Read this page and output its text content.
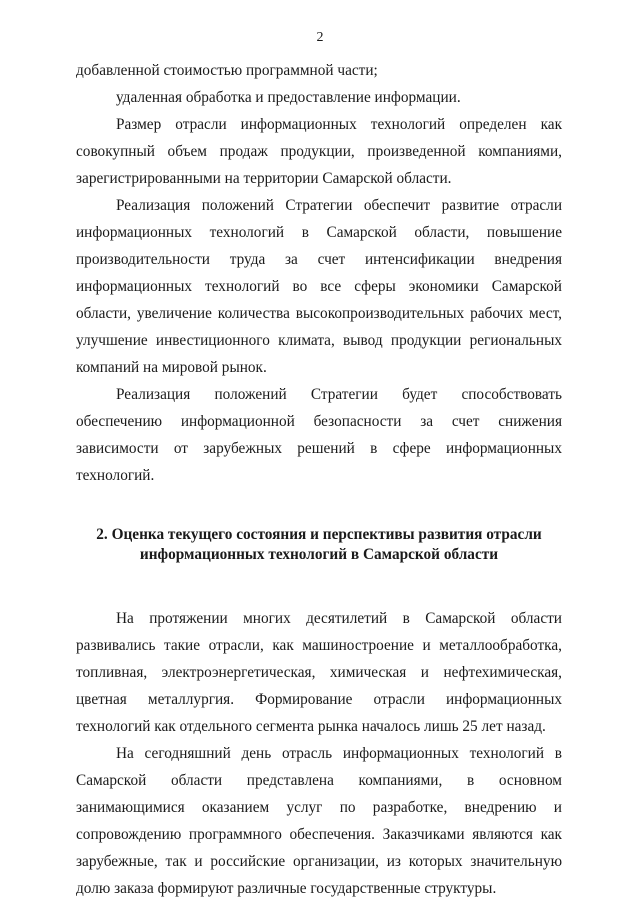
2

добавленной стоимостью программной части;

удаленная обработка и предоставление информации.

Размер отрасли информационных технологий определен как совокупный объем продаж продукции, произведенной компаниями, зарегистрированными на территории Самарской области.

Реализация положений Стратегии обеспечит развитие отрасли информационных технологий в Самарской области, повышение производительности труда за счет интенсификации внедрения информационных технологий во все сферы экономики Самарской области, увеличение количества высокопроизводительных рабочих мест, улучшение инвестиционного климата, вывод продукции региональных компаний на мировой рынок.

Реализация положений Стратегии будет способствовать обеспечению информационной безопасности за счет снижения зависимости от зарубежных решений в сфере информационных технологий.

2. Оценка текущего состояния и перспективы развития отрасли
информационных технологий в Самарской области

На протяжении многих десятилетий в Самарской области развивались такие отрасли, как машиностроение и металлообработка, топливная, электроэнергетическая, химическая и нефтехимическая, цветная металлургия. Формирование отрасли информационных технологий как отдельного сегмента рынка началось лишь 25 лет назад.

На сегодняшний день отрасль информационных технологий в Самарской области представлена компаниями, в основном занимающимися оказанием услуг по разработке, внедрению и сопровождению программного обеспечения. Заказчиками являются как зарубежные, так и российские организации, из которых значительную долю заказа формируют различные государственные структуры.
